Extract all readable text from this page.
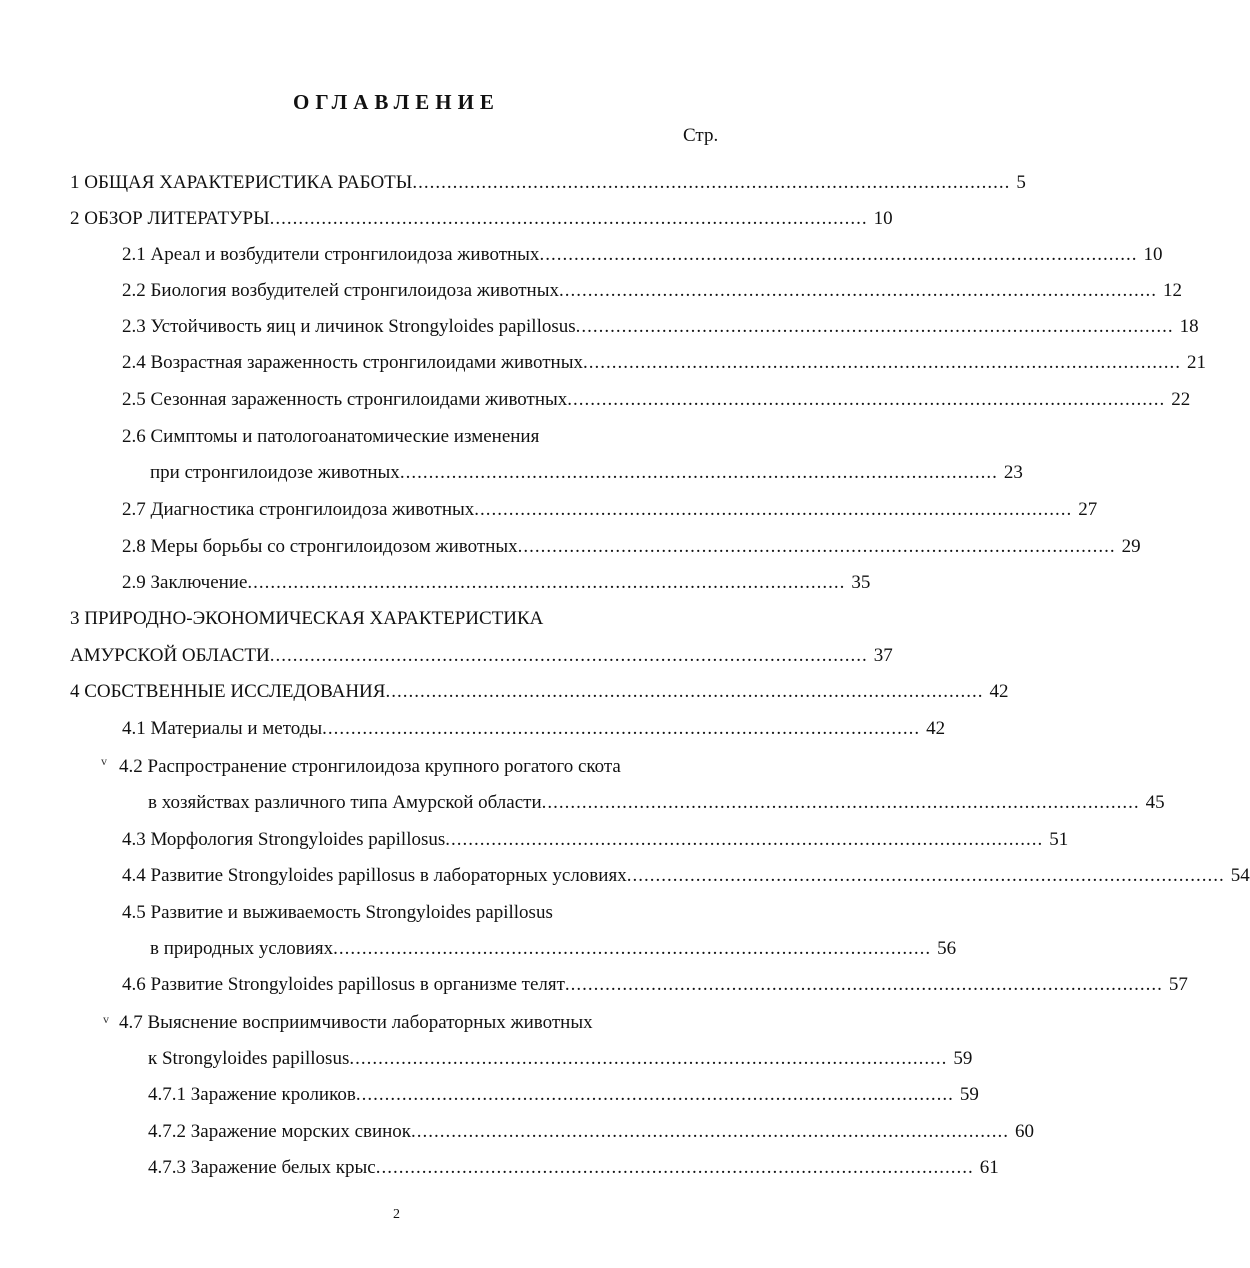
ОГЛАВЛЕНИЕ
Стр.
1 ОБЩАЯ ХАРАКТЕРИСТИКА РАБОТЫ ........................................................................................................ 5
2 ОБЗОР ЛИТЕРАТУРЫ ........................................................................................................ 10
2.1 Ареал и возбудители стронгилоидоза животных ........................................................................................................ 10
2.2 Биология возбудителей стронгилоидоза животных ........................................................................................................ 12
2.3 Устойчивость яиц и личинок Strongyloides papillosus ........................................................................................................ 18
2.4 Возрастная зараженность стронгилоидами животных ........................................................................................................ 21
2.5 Сезонная зараженность стронгилоидами животных ........................................................................................................ 22
2.6 Симптомы и патологоанатомические изменения
при стронгилоидозе животных ........................................................................................................ 23
2.7 Диагностика стронгилоидоза животных ........................................................................................................ 27
2.8 Меры борьбы со стронгилоидозом животных ........................................................................................................ 29
2.9 Заключение ........................................................................................................ 35
3 ПРИРОДНО-ЭКОНОМИЧЕСКАЯ ХАРАКТЕРИСТИКА
АМУРСКОЙ ОБЛАСТИ ........................................................................................................ 37
4 СОБСТВЕННЫЕ ИССЛЕДОВАНИЯ ........................................................................................................ 42
4.1 Материалы и методы ........................................................................................................ 42
v 4.2 Распространение стронгилоидоза крупного рогатого скота
в хозяйствах различного типа Амурской области ........................................................................................................ 45
4.3 Морфология Strongyloides papillosus ........................................................................................................ 51
4.4 Развитие Strongyloides papillosus в лабораторных условиях ........................................................................................................ 54
4.5 Развитие и выживаемость Strongyloides papillosus
в природных условиях ........................................................................................................ 56
4.6 Развитие Strongyloides papillosus в организме телят ........................................................................................................ 57
v 4.7 Выяснение восприимчивости лабораторных животных
к Strongyloides papillosus ........................................................................................................ 59
4.7.1 Заражение кроликов ........................................................................................................ 59
4.7.2 Заражение морских свинок ........................................................................................................ 60
4.7.3 Заражение белых крыс ........................................................................................................ 61
2
